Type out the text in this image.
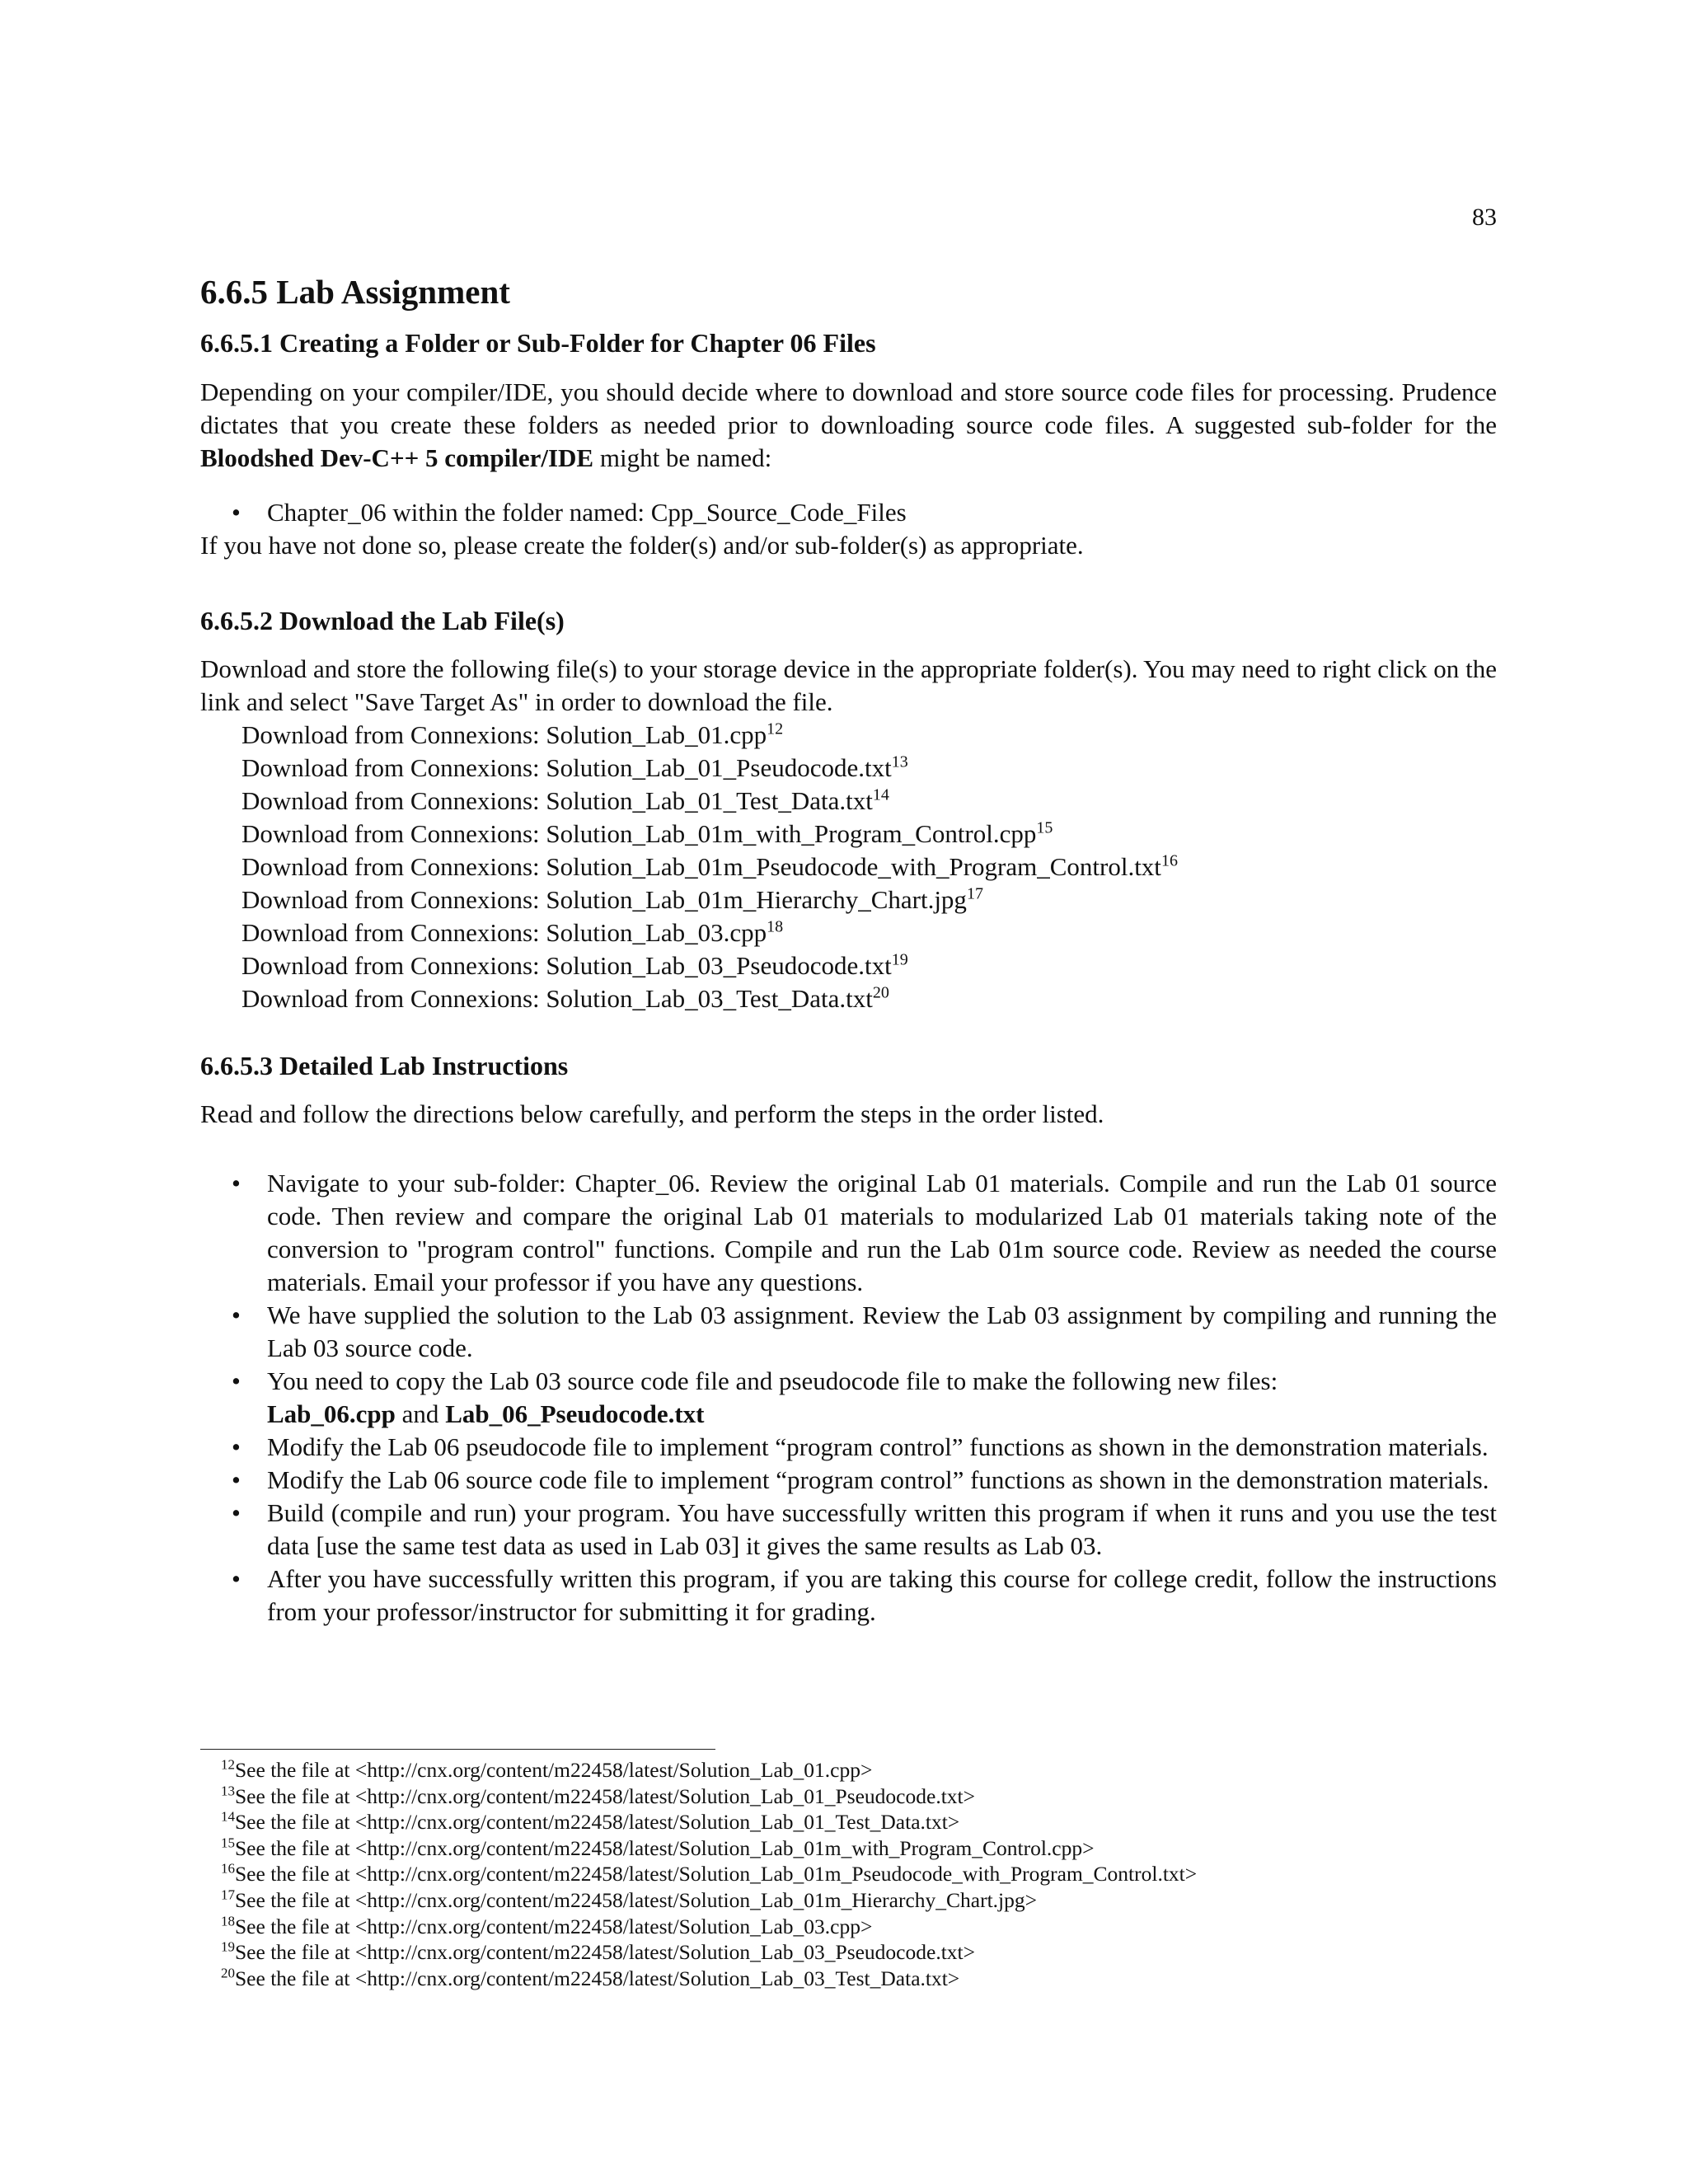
83
6.6.5 Lab Assignment
6.6.5.1 Creating a Folder or Sub-Folder for Chapter 06 Files

Depending on your compiler/IDE, you should decide where to download and store source code files for processing. Prudence dictates that you create these folders as needed prior to downloading source code files. A suggested sub-folder for the Bloodshed Dev-C++ 5 compiler/IDE might be named:

• Chapter_06 within the folder named: Cpp_Source_Code_Files

If you have not done so, please create the folder(s) and/or sub-folder(s) as appropriate.

6.6.5.2 Download the Lab File(s)

Download and store the following file(s) to your storage device in the appropriate folder(s). You may need to right click on the link and select "Save Target As" in order to download the file.

Download from Connexions: Solution_Lab_01.cpp$^{12}$
Download from Connexions: Solution_Lab_01_Pseudocode.txt$^{13}$
Download from Connexions: Solution_Lab_01_Test_Data.txt$^{14}$
Download from Connexions: Solution_Lab_01m_with_Program_Control.cpp$^{15}$
Download from Connexions: Solution_Lab_01m_Pseudocode_with_Program_Control.txt$^{16}$
Download from Connexions: Solution_Lab_01m_Hierarchy_Chart.jpg$^{17}$
Download from Connexions: Solution_Lab_03.cpp$^{18}$
Download from Connexions: Solution_Lab_03_Pseudocode.txt$^{19}$
Download from Connexions: Solution_Lab_03_Test_Data.txt$^{20}$
6.6.5.3 Detailed Lab Instructions

Read and follow the directions below carefully, and perform the steps in the order listed.

• Navigate to your sub-folder: Chapter_06. Review the original Lab 01 materials. Compile and run the Lab 01 source code. Then review and compare the original Lab 01 materials to modularized Lab 01 materials taking note of the conversion to "program control" functions. Compile and run the Lab 01m source code. Review as needed the course materials. Email your professor if you have any questions.
• We have supplied the solution to the Lab 03 assignment. Review the Lab 03 assignment by compiling and running the Lab 03 source code.
• You need to copy the Lab 03 source code file and pseudocode file to make the following new files:
Lab_06.cpp and Lab_06_Pseudocode.txt
• Modify the Lab 06 pseudocode file to implement “program control” functions as shown in the demonstration materials.
• Modify the Lab 06 source code file to implement “program control” functions as shown in the demonstration materials.
• Build (compile and run) your program. You have successfully written this program if when it runs and you use the test data [use the same test data as used in Lab 03] it gives the same results as Lab 03.
• After you have successfully written this program, if you are taking this course for college credit, follow the instructions from your professor/instructor for submitting it for grading.
$^{12}$See the file at <http://cnx.org/content/m22458/latest/Solution_Lab_01.cpp>
$^{13}$See the file at <http://cnx.org/content/m22458/latest/Solution_Lab_01_Pseudocode.txt>
$^{14}$See the file at <http://cnx.org/content/m22458/latest/Solution_Lab_01_Test_Data.txt>
$^{15}$See the file at <http://cnx.org/content/m22458/latest/Solution_Lab_01m_with_Program_Control.cpp>
$^{16}$See the file at <http://cnx.org/content/m22458/latest/Solution_Lab_01m_Pseudocode_with_Program_Control.txt>
$^{17}$See the file at <http://cnx.org/content/m22458/latest/Solution_Lab_01m_Hierarchy_Chart.jpg>
$^{18}$See the file at <http://cnx.org/content/m22458/latest/Solution_Lab_03.cpp>
$^{19}$See the file at <http://cnx.org/content/m22458/latest/Solution_Lab_03_Pseudocode.txt>
$^{20}$See the file at <http://cnx.org/content/m22458/latest/Solution_Lab_03_Test_Data.txt>
